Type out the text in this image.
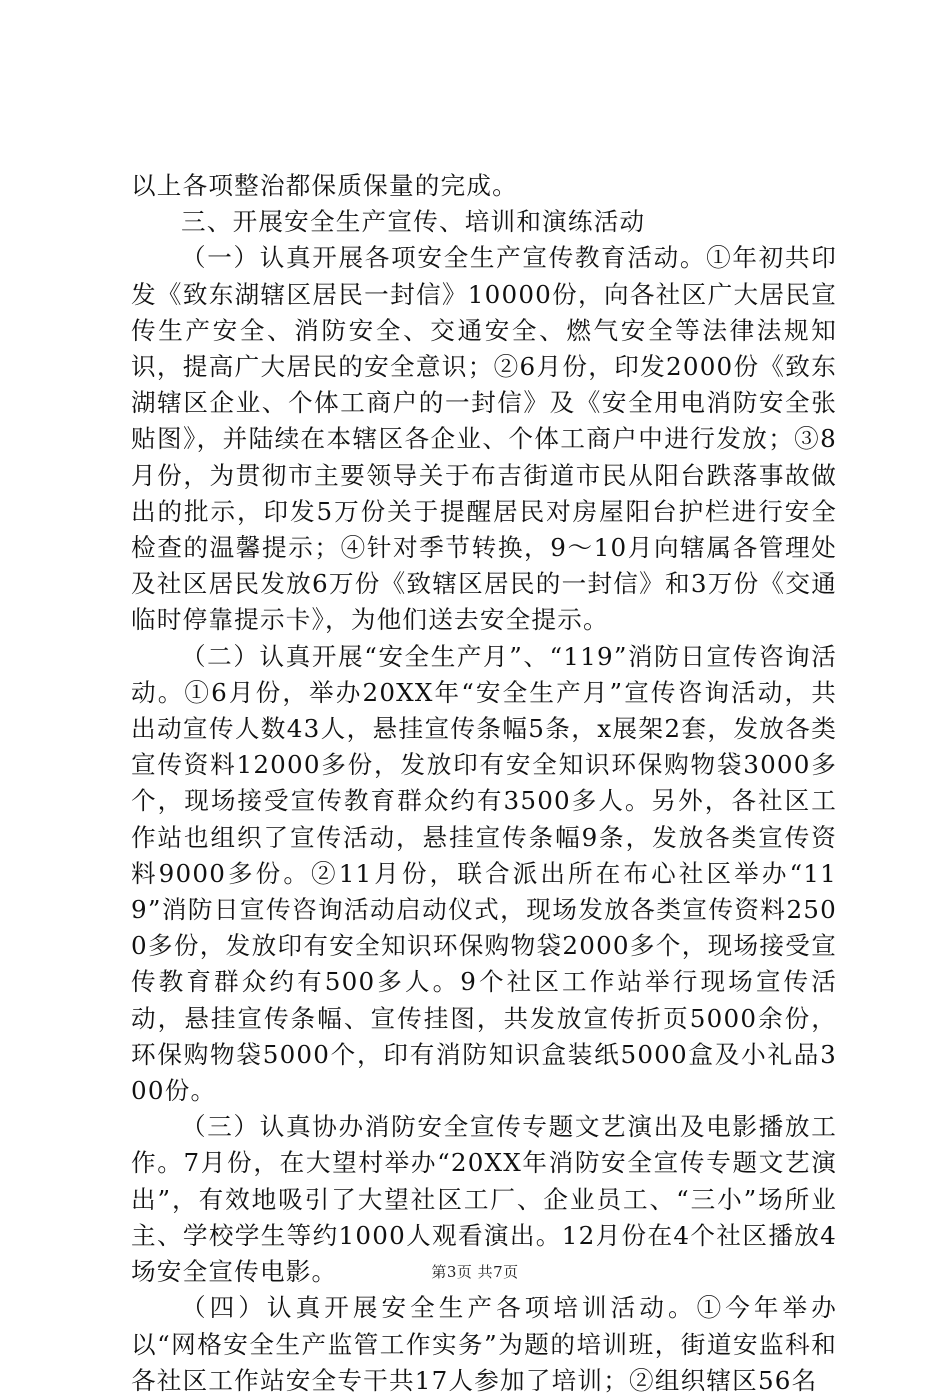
以上各项整治都保质保量的完成。

三、开展安全生产宣传、培训和演练活动

（一）认真开展各项安全生产宣传教育活动。①年初共印发《致东湖辖区居民一封信》10000份，向各社区广大居民宣传生产安全、消防安全、交通安全、燃气安全等法律法规知识，提高广大居民的安全意识；②6月份，印发2000份《致东湖辖区企业、个体工商户的一封信》及《安全用电消防安全张贴图》，并陆续在本辖区各企业、个体工商户中进行发放；③8月份，为贯彻市主要领导关于布吉街道市民从阳台跌落事故做出的批示，印发5万份关于提醒居民对房屋阳台护栏进行安全检查的温馨提示；④针对季节转换，9～10月向辖属各管理处及社区居民发放6万份《致辖区居民的一封信》和3万份《交通临时停靠提示卡》，为他们送去安全提示。

（二）认真开展“安全生产月”、“119”消防日宣传咨询活动。①6月份，举办20XX年“安全生产月”宣传咨询活动，共出动宣传人数43人，悬挂宣传条幅5条，x展架2套，发放各类宣传资料12000多份，发放印有安全知识环保购物袋3000多个，现场接受宣传教育群众约有3500多人。另外，各社区工作站也组织了宣传活动，悬挂宣传条幅9条，发放各类宣传资料9000多份。②11月份，联合派出所在布心社区举办“119”消防日宣传咨询活动启动仪式，现场发放各类宣传资料2500多份，发放印有安全知识环保购物袋2000多个，现场接受宣传教育群众约有500多人。9个社区工作站举行现场宣传活动，悬挂宣传条幅、宣传挂图，共发放宣传折页5000余份，环保购物袋5000个，印有消防知识盒装纸5000盒及小礼品300份。

（三）认真协办消防安全宣传专题文艺演出及电影播放工作。7月份，在大望村举办“20XX年消防安全宣传专题文艺演出”，有效地吸引了大望社区工厂、企业员工、“三小”场所业主、学校学生等约1000人观看演出。12月份在4个社区播放4场安全宣传电影。

（四）认真开展安全生产各项培训活动。①今年举办以“网格安全生产监管工作实务”为题的培训班，街道安监科和各社区工作站安全专干共17人参加了培训；②组织辖区56名

第3页 共7页
